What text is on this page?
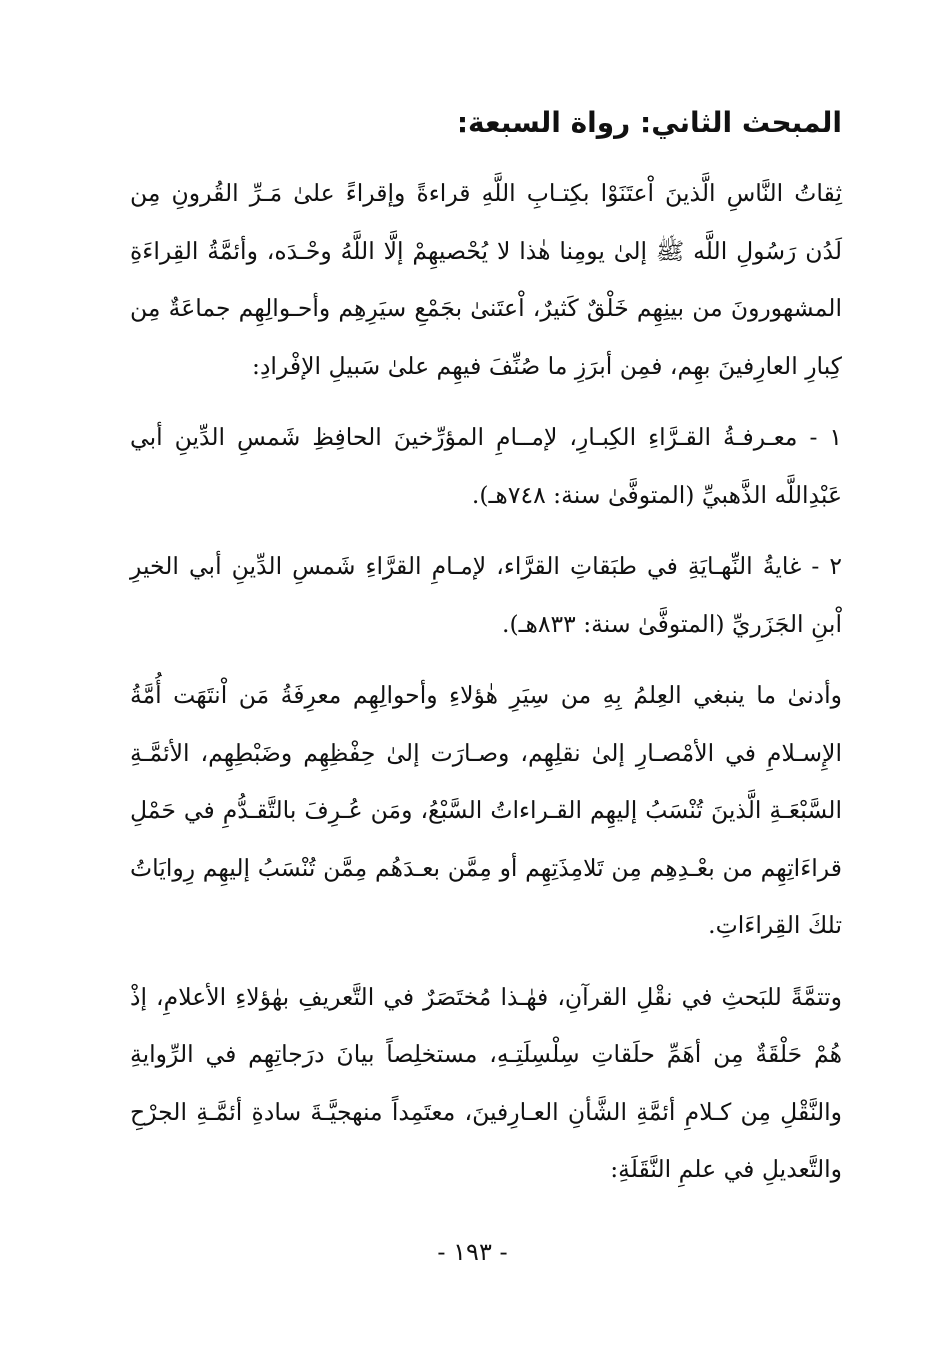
المبحث الثاني: رواة السبعة:

ثِقاتُ النَّاسِ الَّذينَ اْعتَنَوْا بكِتـابِ اللَّهِ قراءةً وإقراءً علىٰ مَـرِّ القُرونِ مِن لَدُن رَسُولِ اللَّه ﷺ إلىٰ يومِنا هٰذا لا يُحْصيهِمْ إلَّا اللَّهُ وحْـدَه، وأئمَّةُ القِراءَةِ المشهورونَ من بينِهِم خَلْقٌ كَثيرٌ، اْعتَنىٰ بجَمْعِ سيَرِهِم وأحـوالِهِم جماعَةٌ مِن كِبارِ العارِفينَ بهِم، فمِن أبرَزِ ما صُنِّفَ فيهِم علىٰ سَبيلِ الإفْرادِ:

١ - معـرفـةُ القـرَّاءِ الكِبـارِ، لإمــامِ المؤرِّخينَ الحافِظِ شَمسِ الدِّينِ أبي عَبْدِاللَّه الذَّهبيِّ (المتوفَّىٰ سنة: ٧٤٨هـ).

٢ - غايةُ النِّهـايَةِ في طبَقاتِ القرَّاء، لإمـامِ القرَّاءِ شَمسِ الدِّينِ أبي الخيرِ اْبنِ الجَزَريِّ (المتوفَّىٰ سنة: ٨٣٣هـ).

وأدنىٰ ما ينبغي العِلمُ بِهِ من سِيَرِ هٰؤلاءِ وأحوالِهِم معرِفَةُ مَن اْنتَهَت أُمَّةُ الإِسـلامِ في الأمْصـارِ إلىٰ نقلِهِم، وصـارَت إلىٰ حِفْظِهِم وضَبْطِهِم، الأئمَّـةِ السَّبْعَـةِ الَّذينَ تُنْسَبُ إليهِم القـراءاتُ السَّبْعُ، ومَن عُـرِفَ بالتَّقـدُّمِ في حَمْلِ قراءَاتِهِم من بعْـدِهِم مِن تَلامِذَتِهِم أو مِمَّن بعـدَهُم مِمَّن تُنْسَبُ إليهِم رِوايَاتُ تلكَ القِراءَاتِ.

وتتمَّةً للبَحثِ في نقْلِ القرآنِ، فهٰـذا مُختَصَرٌ في التَّعريفِ بهٰؤلاءِ الأعلامِ، إذْ هُمْ حَلْقَةٌ مِن أهَمِّ حلَقاتِ سِلْسِلَتِـهِ، مستخلِصاً بيانَ درَجاتِهِم في الرِّوايةِ والنَّقْلِ مِن كـلامِ أئمَّةِ الشَّأنِ العـارِفينَ، معتَمِداً منهجيَّـةَ سادةِ أئمَّـةِ الجرْحِ والتَّعديلِ في علمِ النَّقَلَةِ:

- ١٩٣ -
